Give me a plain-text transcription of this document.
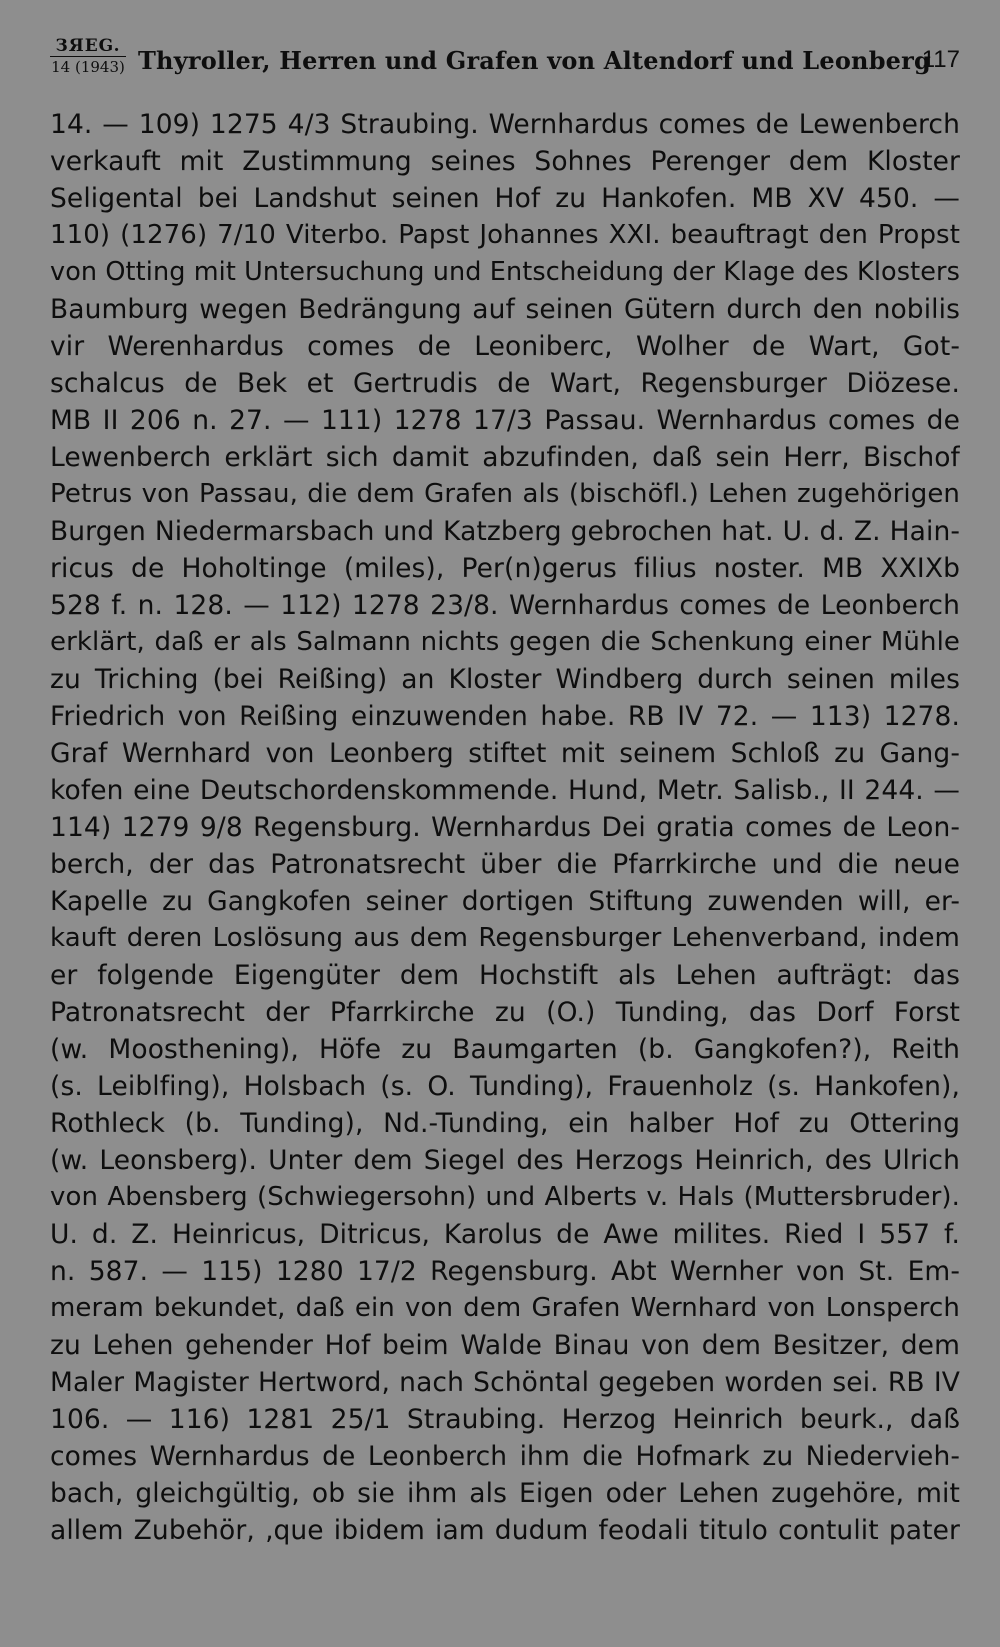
ЗЯЕG.
14 (1943) Thyroller, Herren und Grafen von Altendorf und Leonberg
117
14. — 109) 1275 4/3 Straubing. Wernhardus comes de Lewenberch
verkauft mit Zustimmung seines Sohnes Perenger dem Kloster
Seligental bei Landshut seinen Hof zu Hankofen. MB XV 450. —
110) (1276) 7/10 Viterbo. Papst Johannes XXI. beauftragt den Propst
von Otting mit Untersuchung und Entscheidung der Klage des Klosters
Baumburg wegen Bedrängung auf seinen Gütern durch den nobilis
vir Werenhardus comes de Leoniberc, Wolher de Wart, Got-
schalcus de Bek et Gertrudis de Wart, Regensburger Diözese.
MB II 206 n. 27. — 111) 1278 17/3 Passau. Wernhardus comes de
Lewenberch erklärt sich damit abzufinden, daß sein Herr, Bischof
Petrus von Passau, die dem Grafen als (bischöfl.) Lehen zugehörigen
Burgen Niedermarsbach und Katzberg gebrochen hat. U. d. Z. Hain-
ricus de Hoholtinge (miles), Per(n)gerus filius noster. MB XXIXb
528 f. n. 128. — 112) 1278 23/8. Wernhardus comes de Leonberch
erklärt, daß er als Salmann nichts gegen die Schenkung einer Mühle
zu Triching (bei Reißing) an Kloster Windberg durch seinen miles
Friedrich von Reißing einzuwenden habe. RB IV 72. — 113) 1278.
Graf Wernhard von Leonberg stiftet mit seinem Schloß zu Gang-
kofen eine Deutschordenskommende. Hund, Metr. Salisb., II 244. —
114) 1279 9/8 Regensburg. Wernhardus Dei gratia comes de Leon-
berch, der das Patronatsrecht über die Pfarrkirche und die neue
Kapelle zu Gangkofen seiner dortigen Stiftung zuwenden will, er-
kauft deren Loslösung aus dem Regensburger Lehenverband, indem
er folgende Eigengüter dem Hochstift als Lehen aufträgt: das
Patronatsrecht der Pfarrkirche zu (O.) Tunding, das Dorf Forst
(w. Moosthening), Höfe zu Baumgarten (b. Gangkofen?), Reith
(s. Leiblfing), Holsbach (s. O. Tunding), Frauenholz (s. Hankofen),
Rothleck (b. Tunding), Nd.-Tunding, ein halber Hof zu Ottering
(w. Leonsberg). Unter dem Siegel des Herzogs Heinrich, des Ulrich
von Abensberg (Schwiegersohn) und Alberts v. Hals (Muttersbruder).
U. d. Z. Heinricus, Ditricus, Karolus de Awe milites. Ried I 557 f.
n. 587. — 115) 1280 17/2 Regensburg. Abt Wernher von St. Em-
meram bekundet, daß ein von dem Grafen Wernhard von Lonsperch
zu Lehen gehender Hof beim Walde Binau von dem Besitzer, dem
Maler Magister Hertword, nach Schöntal gegeben worden sei. RB IV
106. — 116) 1281 25/1 Straubing. Herzog Heinrich beurk., daß
comes Wernhardus de Leonberch ihm die Hofmark zu Niedervieh-
bach, gleichgültig, ob sie ihm als Eigen oder Lehen zugehöre, mit
allem Zubehör, ‚que ibidem iam dudum feodali titulo contulit pater
